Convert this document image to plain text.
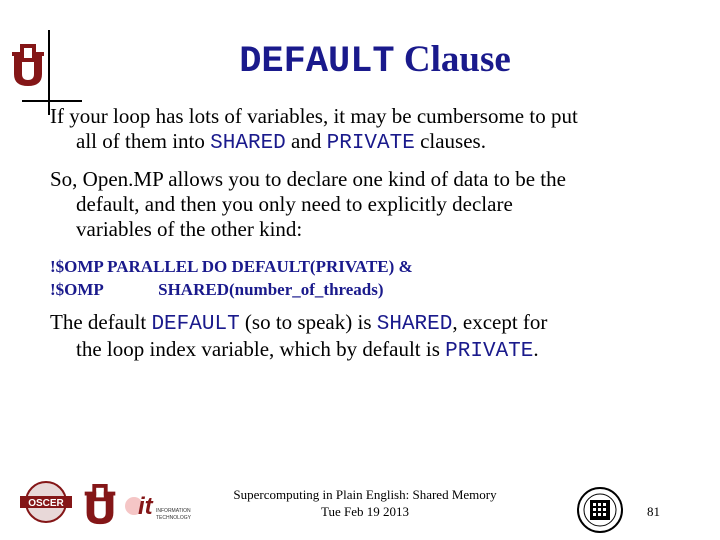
DEFAULT Clause
If your loop has lots of variables, it may be cumbersome to put
all of them into SHARED and PRIVATE clauses.
So, Open.MP allows you to declare one kind of data to be the
default, and then you only need to explicitly declare
variables of the other kind:
!$OMP PARALLEL DO DEFAULT(PRIVATE) &
!$OMP             SHARED(number_of_threads)
The default DEFAULT (so to speak) is SHARED, except for
the loop index variable, which by default is PRIVATE.
OSCER	it INFORMATION
TECHNOLOGY
Supercomputing in Plain English: Shared Memory
Tue Feb 19 2013	81
